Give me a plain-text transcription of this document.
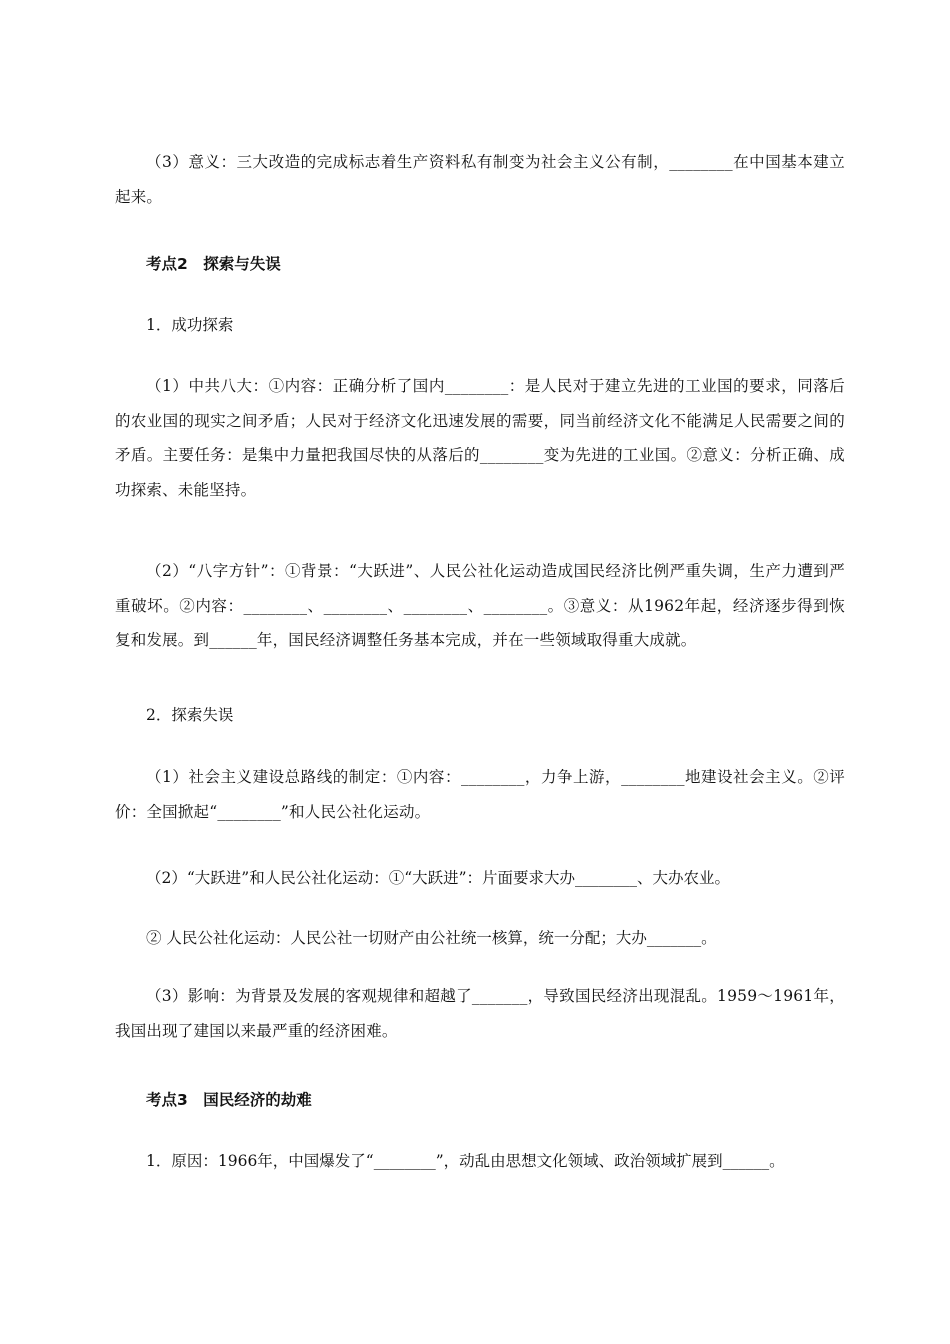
（3）意义：三大改造的完成标志着生产资料私有制变为社会主义公有制，________在中国基本建立起来。

考点2　探索与失误

1．成功探索

（1）中共八大：①内容：正确分析了国内________：是人民对于建立先进的工业国的要求，同落后的农业国的现实之间矛盾；人民对于经济文化迅速发展的需要，同当前经济文化不能满足人民需要之间的矛盾。主要任务：是集中力量把我国尽快的从落后的________变为先进的工业国。②意义：分析正确、成功探索、未能坚持。

（2）“八字方针”：①背景：“大跃进”、人民公社化运动造成国民经济比例严重失调，生产力遭到严重破坏。②内容：________、________、________、________。③意义：从1962年起，经济逐步得到恢复和发展。到______年，国民经济调整任务基本完成，并在一些领域取得重大成就。

2．探索失误

（1）社会主义建设总路线的制定：①内容：________，力争上游，________地建设社会主义。②评价：全国掀起“________”和人民公社化运动。

（2）“大跃进”和人民公社化运动：①“大跃进”：片面要求大办________、大办农业。

② 人民公社化运动：人民公社一切财产由公社统一核算，统一分配；大办_______。

（3）影响：为背景及发展的客观规律和超越了_______，导致国民经济出现混乱。1959～1961年，我国出现了建国以来最严重的经济困难。

考点3　国民经济的劫难

1．原因：1966年，中国爆发了“________”，动乱由思想文化领域、政治领域扩展到______。
